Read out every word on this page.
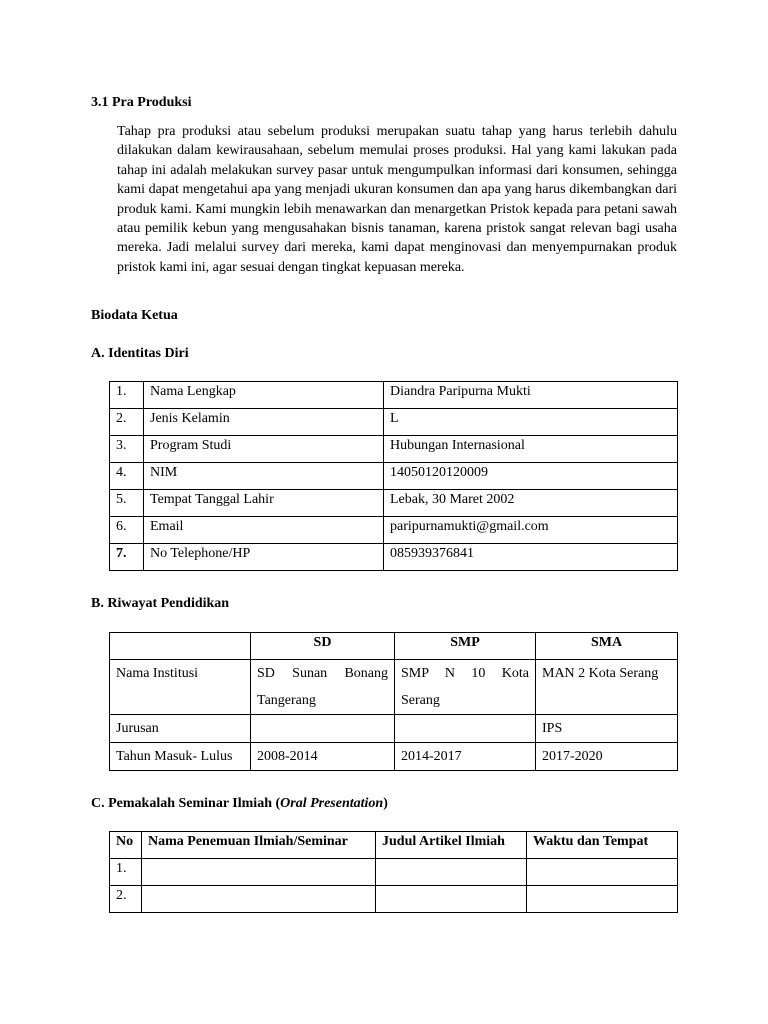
3.1 Pra Produksi

Tahap pra produksi atau sebelum produksi merupakan suatu tahap yang harus terlebih dahulu dilakukan dalam kewirausahaan, sebelum memulai proses produksi. Hal yang kami lakukan pada tahap ini adalah melakukan survey pasar untuk mengumpulkan informasi dari konsumen, sehingga kami dapat mengetahui apa yang menjadi ukuran konsumen dan apa yang harus dikembangkan dari produk kami. Kami mungkin lebih menawarkan dan menargetkan Pristok kepada para petani sawah atau pemilik kebun yang mengusahakan bisnis tanaman, karena pristok sangat relevan bagi usaha mereka. Jadi melalui survey dari mereka, kami dapat menginovasi dan menyempurnakan produk pristok kami ini, agar sesuai dengan tingkat kepuasan mereka.

Biodata Ketua
A. Identitas Diri
1.	Nama Lengkap	Diandra Paripurna Mukti
2.	Jenis Kelamin	L
3.	Program Studi	Hubungan Internasional
4.	NIM	14050120120009
5.	Tempat Tanggal Lahir	Lebak, 30 Maret 2002
6.	Email	paripurnamukti@gmail.com
7.	No Telephone/HP	085939376841
B. Riwayat Pendidikan
	SD	SMP	SMA
Nama Institusi	SD Sunan Bonang Tangerang	SMP N 10 Kota Serang	MAN 2 Kota Serang
Jurusan			IPS
Tahun Masuk- Lulus	2008-2014	2014-2017	2017-2020
C. Pemakalah Seminar Ilmiah (Oral Presentation)
No	Nama Penemuan Ilmiah/Seminar	Judul Artikel Ilmiah	Waktu dan Tempat
1.			
2.			
